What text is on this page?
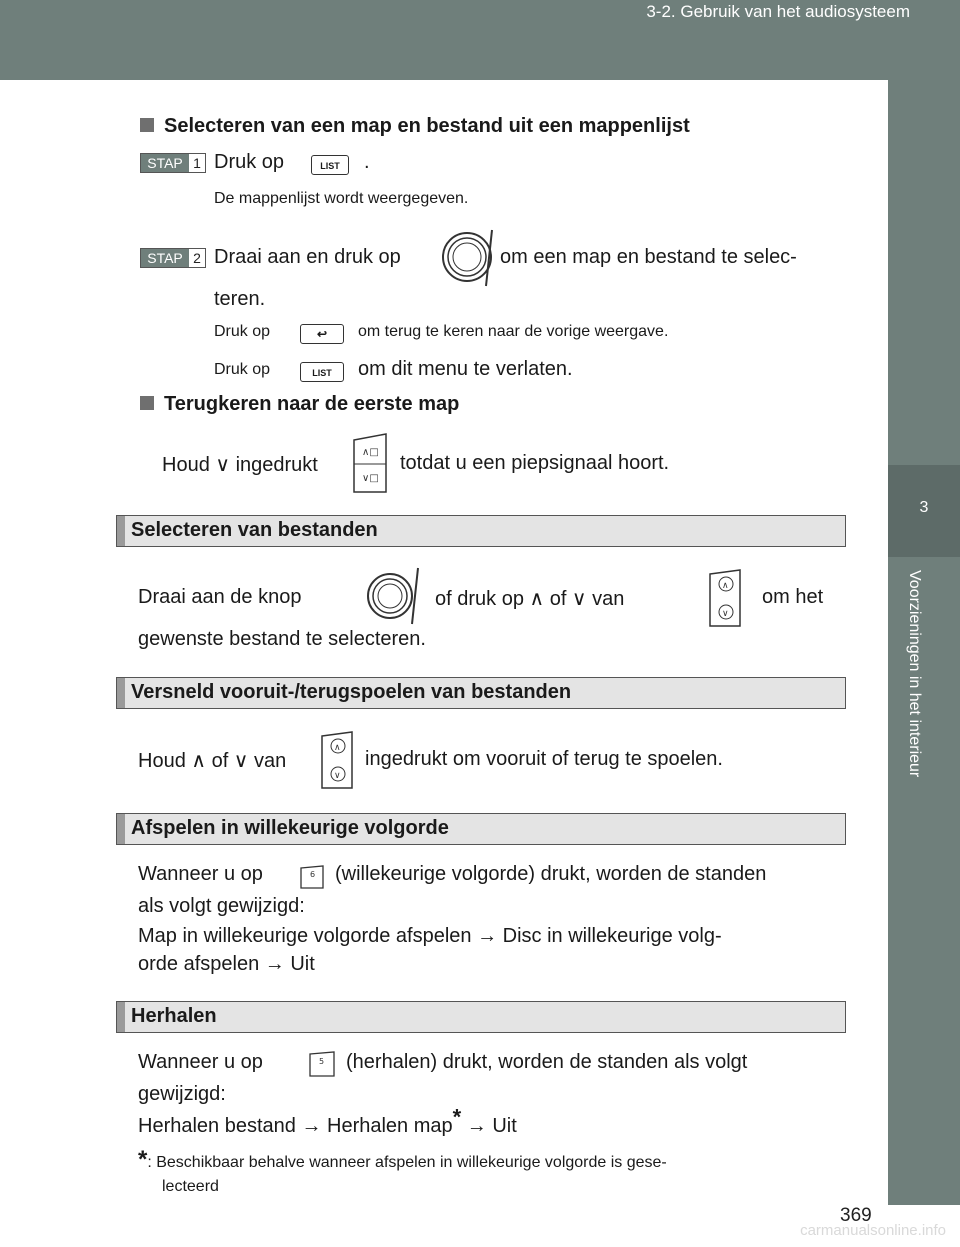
3-2. Gebruik van het audiosysteem
3
Voorzieningen in het interieur
Selecteren van een map en bestand uit een mappenlijst
STAP 1 Druk op	LIST	.
De mappenlijst wordt weergegeven.
STAP 2 Draai aan en druk op	om een map en bestand te selec-
teren.
Druk op	↩	om terug te keren naar de vorige weergave.
Druk op	LIST	om dit menu te verlaten.
Terugkeren naar de eerste map
Houd ∨ ingedrukt
∧□
∨□
totdat u een piepsignaal hoort.
Selecteren van bestanden
Draai aan de knop	of druk op ∧ of ∨ van
∧
∨
om het
gewenste bestand te selecteren.
Versneld vooruit-/terugspoelen van bestanden
Houd ∧ of ∨ van
∧
∨
ingedrukt om vooruit of terug te spoelen.
Afspelen in willekeurige volgorde
Wanneer u op	6 (willekeurige volgorde) drukt, worden de standen
als volgt gewijzigd:
Map in willekeurige volgorde afspelen → Disc in willekeurige volg-
orde afspelen → Uit
Herhalen
Wanneer u op	5 (herhalen) drukt, worden de standen als volgt
gewijzigd:
Herhalen bestand → Herhalen map* → Uit
*: Beschikbaar behalve wanneer afspelen in willekeurige volgorde is gese-
lecteerd
369
carmanualsonline.info
